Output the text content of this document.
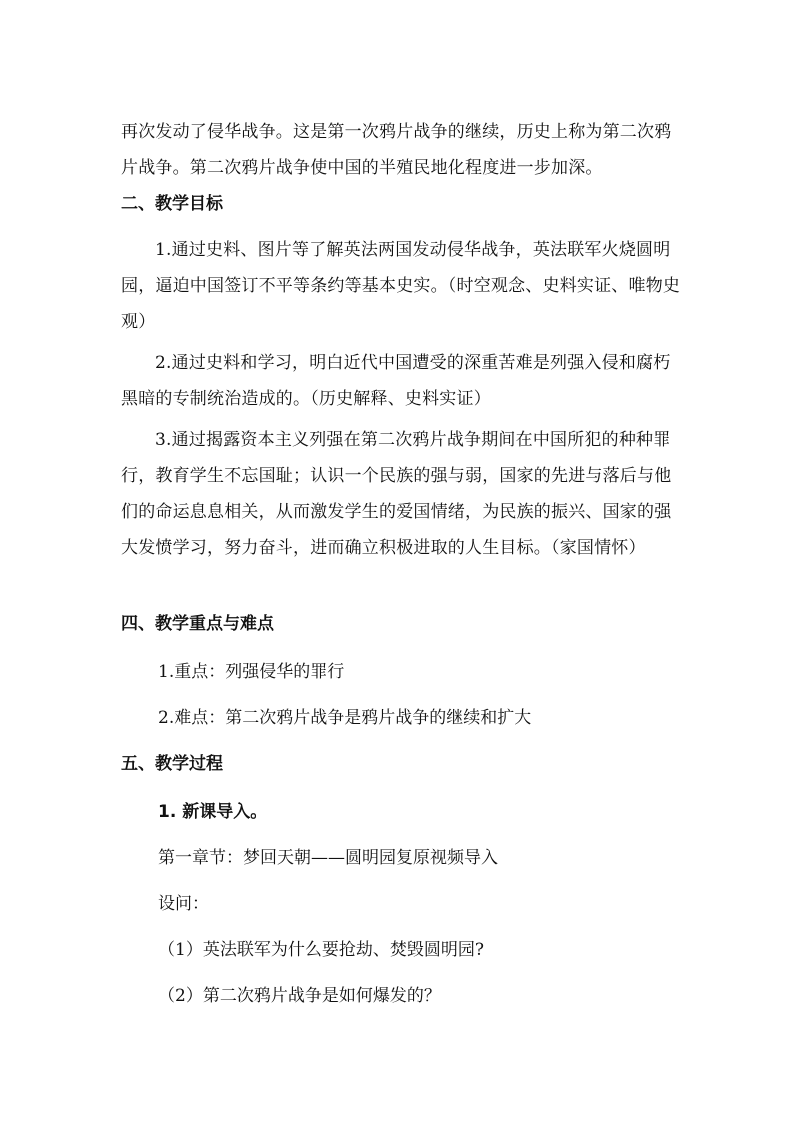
再次发动了侵华战争。这是第一次鸦片战争的继续，历史上称为第二次鸦片战争。第二次鸦片战争使中国的半殖民地化程度进一步加深。

二、教学目标

1.通过史料、图片等了解英法两国发动侵华战争，英法联军火烧圆明园，逼迫中国签订不平等条约等基本史实。（时空观念、史料实证、唯物史观）

2.通过史料和学习，明白近代中国遭受的深重苦难是列强入侵和腐朽黑暗的专制统治造成的。（历史解释、史料实证）

3.通过揭露资本主义列强在第二次鸦片战争期间在中国所犯的种种罪行，教育学生不忘国耻；认识一个民族的强与弱，国家的先进与落后与他们的命运息息相关，从而激发学生的爱国情绪，为民族的振兴、国家的强大发愤学习，努力奋斗，进而确立积极进取的人生目标。（家国情怀）

四、教学重点与难点

1.重点：列强侵华的罪行

2.难点：第二次鸦片战争是鸦片战争的继续和扩大

五、教学过程

1. 新课导入。

第一章节：梦回天朝——圆明园复原视频导入

设问：

（1）英法联军为什么要抢劫、焚毁圆明园?

（2）第二次鸦片战争是如何爆发的？
